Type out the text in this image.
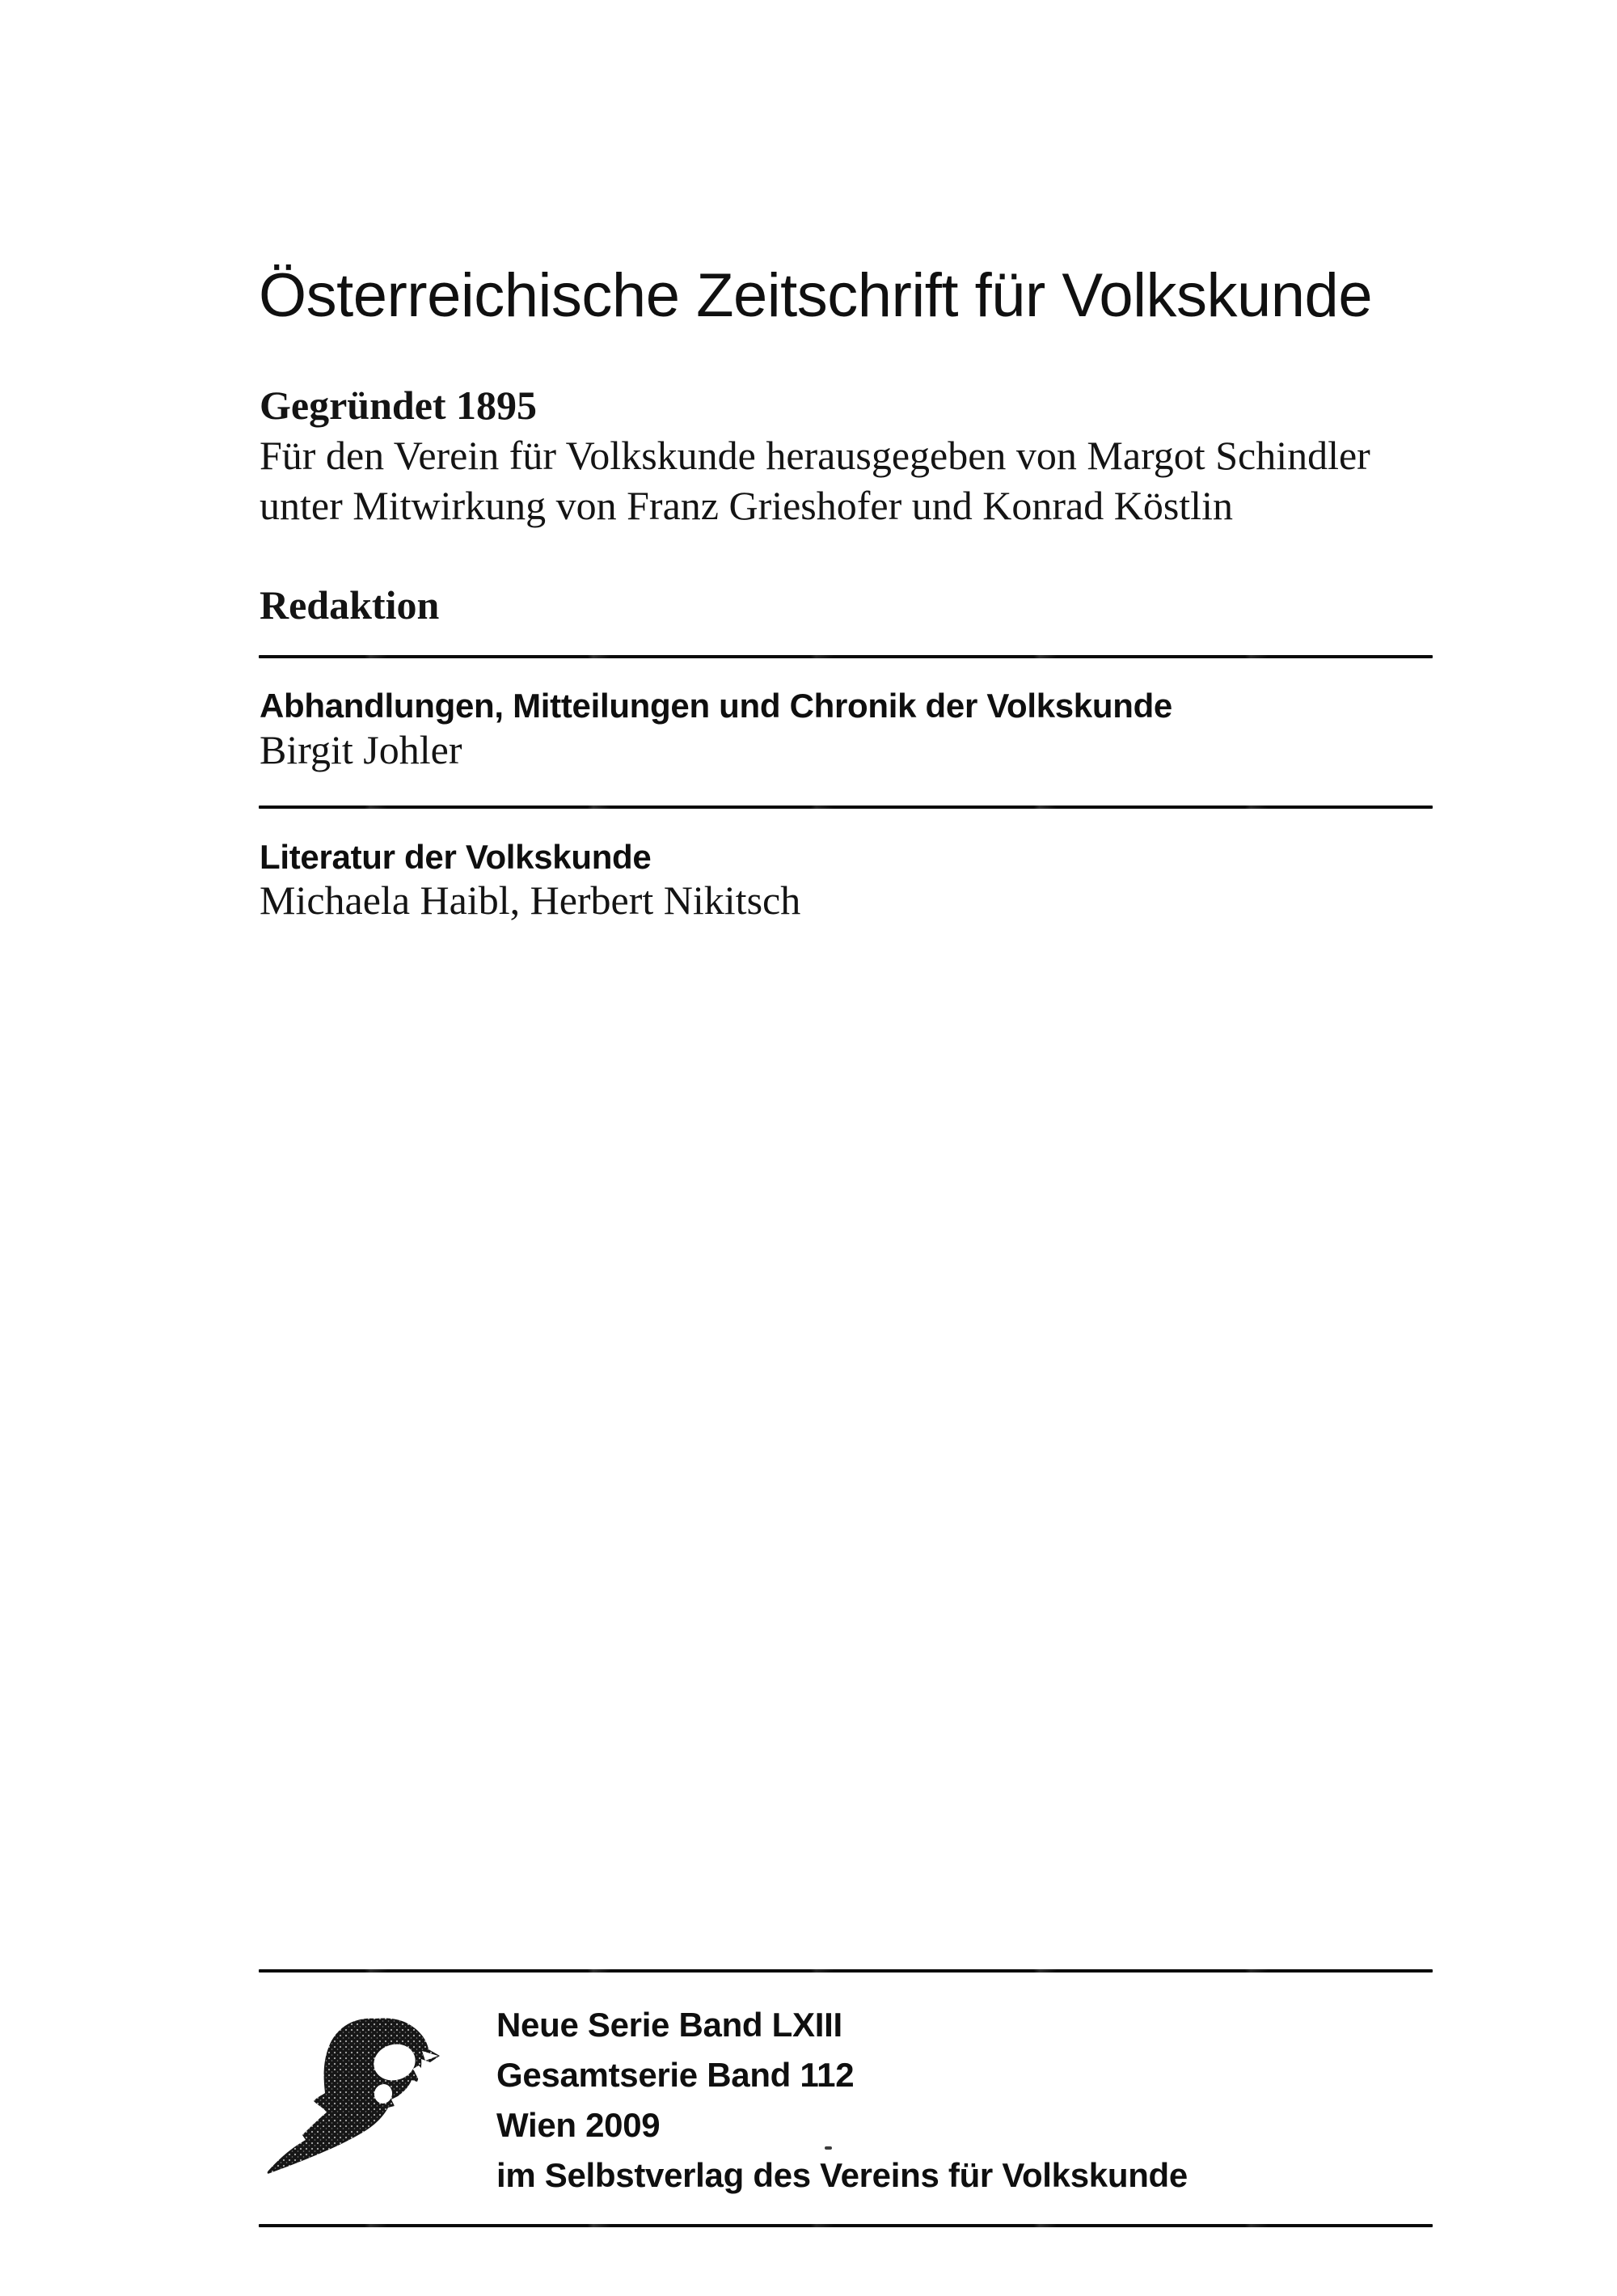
Österreichische Zeitschrift für Volkskunde
Gegründet 1895
Für den Verein für Volkskunde herausgegeben von Margot Schindler
unter Mitwirkung von Franz Grieshofer und Konrad Köstlin
Redaktion
Abhandlungen, Mitteilungen und Chronik der Volkskunde
Birgit Johler
Literatur der Volkskunde
Michaela Haibl, Herbert Nikitsch
Neue Serie Band LXIII
Gesamtserie Band 112
Wien 2009
im Selbstverlag des Vereins für Volkskunde
